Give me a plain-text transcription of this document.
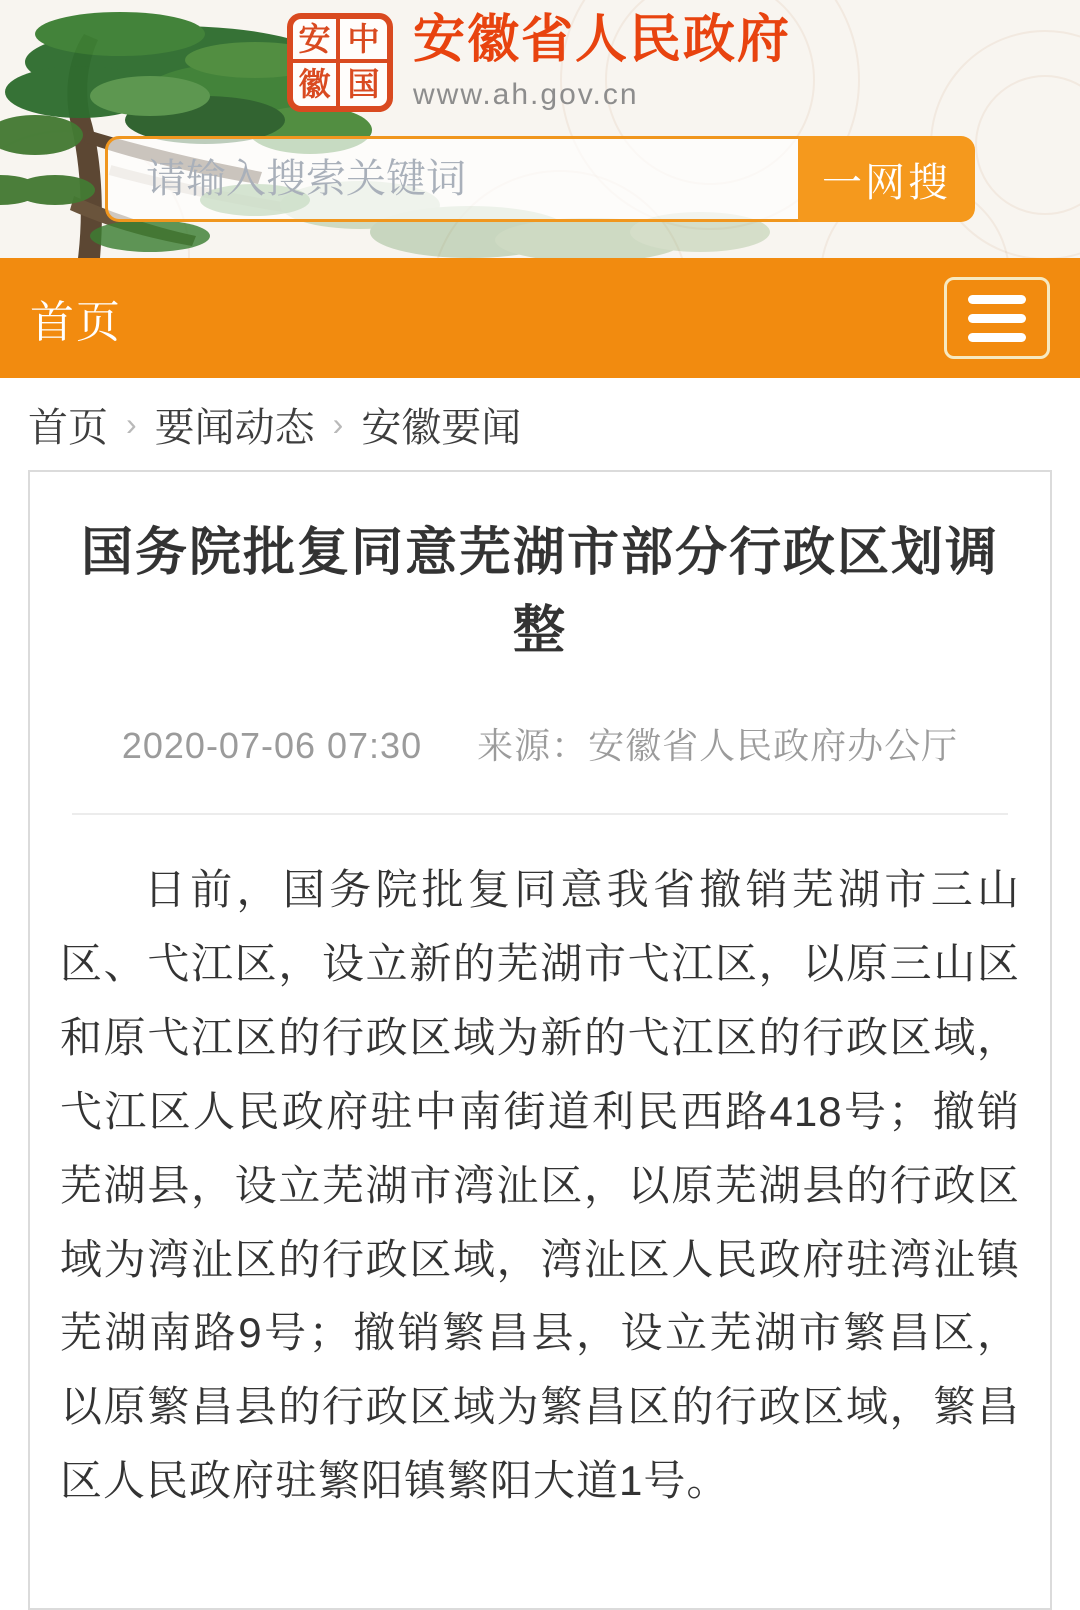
安 中
徽 国
安徽省人民政府
www.ah.gov.cn
请输入搜索关键词
一网搜
首页
首页 › 要闻动态 › 安徽要闻
国务院批复同意芜湖市部分行政区划调整
2020-07-06 07:30 来源：安徽省人民政府办公厅

日前，国务院批复同意我省撤销芜湖市三山区、弋江区，设立新的芜湖市弋江区，以原三山区和原弋江区的行政区域为新的弋江区的行政区域，弋江区人民政府驻中南街道利民西路418号；撤销芜湖县，设立芜湖市湾沚区，以原芜湖县的行政区域为湾沚区的行政区域，湾沚区人民政府驻湾沚镇芜湖南路9号；撤销繁昌县，设立芜湖市繁昌区，以原繁昌县的行政区域为繁昌区的行政区域，繁昌区人民政府驻繁阳镇繁阳大道1号。
